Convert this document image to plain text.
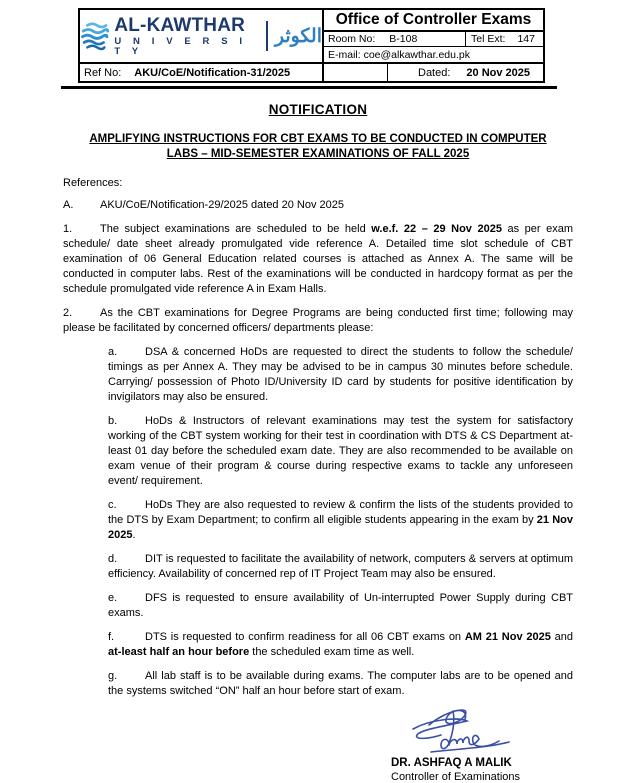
AL-KAWTHAR
U N I V E R S I T Y
الكوثر
Ref No: AKU/CoE/Notification-31/2025
Office of Controller Exams
Room No: B-108	Tel Ext: 147
E-mail: coe@alkawthar.edu.pk
Dated: 20 Nov 2025
NOTIFICATION
AMPLIFYING INSTRUCTIONS FOR CBT EXAMS TO BE CONDUCTED IN COMPUTER LABS – MID-SEMESTER EXAMINATIONS OF FALL 2025
References:
A. AKU/CoE/Notification-29/2025 dated 20 Nov 2025
1.	The subject examinations are scheduled to be held w.e.f. 22 – 29 Nov 2025 as per exam schedule/ date sheet already promulgated vide reference A. Detailed time slot schedule of CBT examination of 06 General Education related courses is attached as Annex A. The same will be conducted in computer labs. Rest of the examinations will be conducted in hardcopy format as per the schedule promulgated vide reference A in Exam Halls.
2.	As the CBT examinations for Degree Programs are being conducted first time; following may please be facilitated by concerned officers/ departments please:
a.	DSA & concerned HoDs are requested to direct the students to follow the schedule/ timings as per Annex A. They may be advised to be in campus 30 minutes before schedule. Carrying/ possession of Photo ID/University ID card by students for positive identification by invigilators may also be ensured.
b.	HoDs & Instructors of relevant examinations may test the system for satisfactory working of the CBT system working for their test in coordination with DTS & CS Department at-least 01 day before the scheduled exam date. They are also recommended to be available on exam venue of their program & course during respective exams to tackle any unforeseen event/ requirement.
c.	HoDs They are also requested to review & confirm the lists of the students provided to the DTS by Exam Department; to confirm all eligible students appearing in the exam by 21 Nov 2025.
d.	DIT is requested to facilitate the availability of network, computers & servers at optimum efficiency. Availability of concerned rep of IT Project Team may also be ensured.
e.	DFS is requested to ensure availability of Un-interrupted Power Supply during CBT exams.
f.	DTS is requested to confirm readiness for all 06 CBT exams on AM 21 Nov 2025 and at-least half an hour before the scheduled exam time as well.
g.	All lab staff is to be available during exams. The computer labs are to be opened and the systems switched “ON” half an hour before start of exam.
DR. ASHFAQ A MALIK
Controller of Examinations
